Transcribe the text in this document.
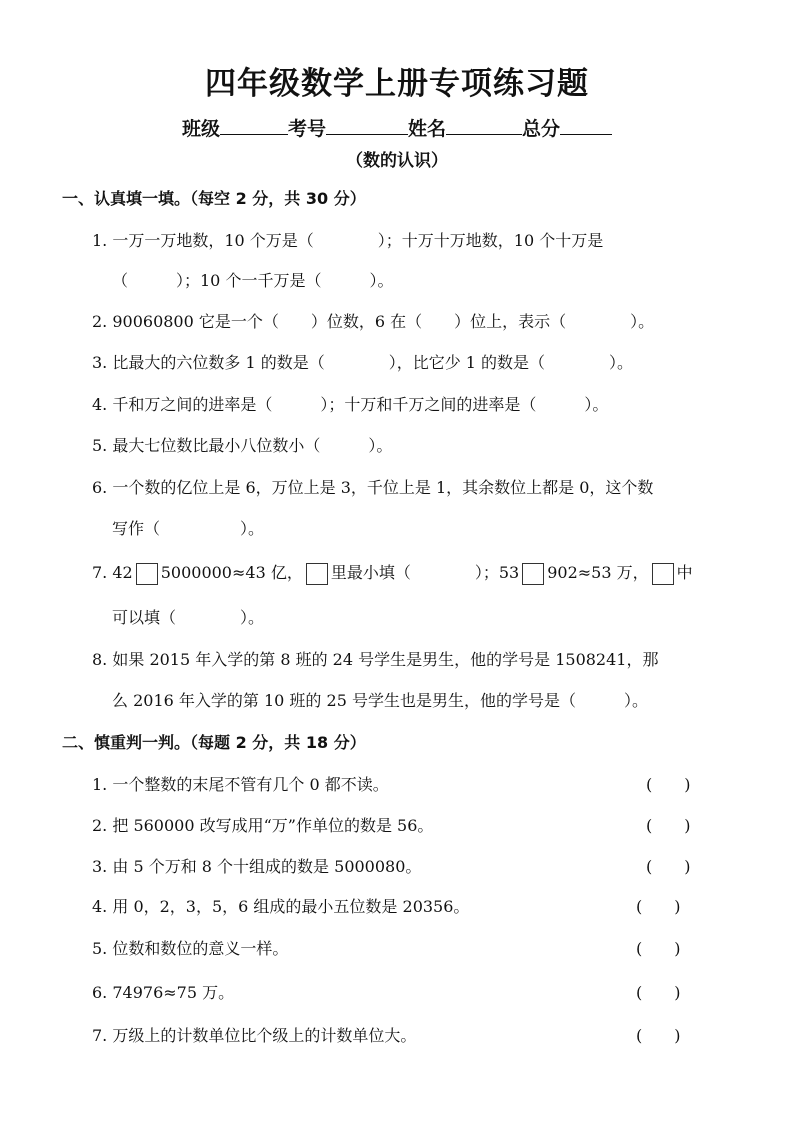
四年级数学上册专项练习题
班级	考号	姓名	总分
（数的认识）
一、认真填一填。（每空 2 分，共 30 分）
1. 一万一万地数，10 个万是（　　　　）；十万十万地数，10 个十万是
（　　　）；10 个一千万是（　　　）。
2. 90060800 它是一个（　　）位数，6 在（　　）位上，表示（　　　　）。
3. 比最大的六位数多 1 的数是（　　　　），比它少 1 的数是（　　　　）。
4. 千和万之间的进率是（　　　）；十万和千万之间的进率是（　　　）。
5. 最大七位数比最小八位数小（　　　）。
6. 一个数的亿位上是 6，万位上是 3，千位上是 1，其余数位上都是 0，这个数
写作（　　　　　）。
7. 42 5000000≈43 亿， 里最小填（　　　　）；53 902≈53 万， 中
可以填（　　　　）。
8. 如果 2015 年入学的第 8 班的 24 号学生是男生，他的学号是 1508241，那
么 2016 年入学的第 10 班的 25 号学生也是男生，他的学号是（　　　）。
二、慎重判一判。（每题 2 分，共 18 分）
1. 一个整数的末尾不管有几个 0 都不读。	(　　)
2. 把 560000 改写成用“万”作单位的数是 56。	(　　)
3. 由 5 个万和 8 个十组成的数是 5000080。	(　　)
4. 用 0，2，3，5，6 组成的最小五位数是 20356。	(　　)
5. 位数和数位的意义一样。	(　　)
6. 74976≈75 万。	(　　)
7. 万级上的计数单位比个级上的计数单位大。	(　　)
